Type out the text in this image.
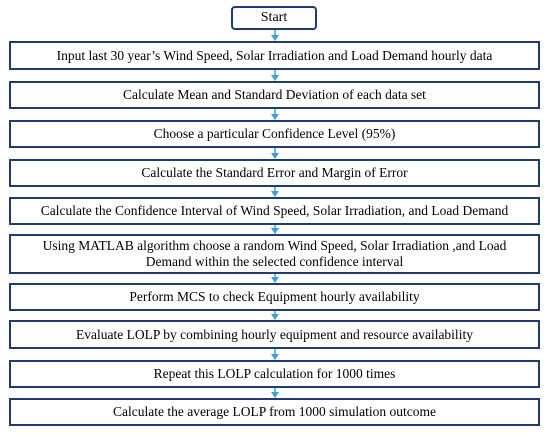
Start
Input last 30 year’s Wind Speed, Solar Irradiation and Load Demand hourly data
Calculate Mean and Standard Deviation of each data set
Choose a particular Confidence Level (95%)
Calculate the Standard Error and Margin of Error
Calculate the Confidence Interval of Wind Speed, Solar Irradiation, and Load Demand
Using MATLAB algorithm choose a random Wind Speed, Solar Irradiation ,and Load Demand within the selected confidence interval
Perform MCS to check Equipment hourly availability
Evaluate LOLP by combining hourly equipment and resource availability
Repeat this LOLP calculation for 1000 times
Calculate the average LOLP from 1000 simulation outcome
